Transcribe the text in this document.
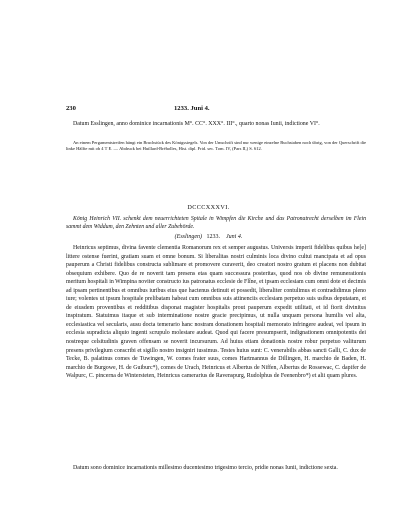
230	1233. Juni 4.
Datum Esslingen, anno dominice incarnationis M°. CC°. XXX°. III°., quarto nonas Iunii, indictione VI°.
An einem Pergamentstreifen hängt ein Bruchstück des Königssiegels. Von der Umschrift sind nur wenige einzelne Buchstaben noch übrig, von der Querschrift die linke Hälfte mit ob 4 Т Е. — Abdruck bei Huillard-Bréholles, Hist. dipl. Frid. sec. Tom. IV, (Pars II,) S. 612.
DCCCXXXVI.
König Heinrich VII. schenkt dem neuerrichteten Spitale in Wimpfen die Kirche und das Patronatrecht derselben im Flein sammt dem Widdum, den Zehnten und aller Zubehörde.
(Esslingen) 1233. Juni 4.
Heinricus septimus, divina favente clementia Romanorum rex et semper augustus. Universis imperii fidelibus quibus he[e] littere ostense fuerint, gratiam suam et omne bonum. Si liberalitas nostri culminis loca divino cultui mancipata et ad opus pauperum a Christi fidelibus constructa sublimare et promovere curaverit, deo creatori nostro gratum et placens non dubitat obsequium exhibere. Quo de re noverit tam presens etas quam successura posteritas, quod nos ob divine remunerationis meritum hospitali in Wimpina noviter constructo ius patronatus ecclesie de Flîne, et ipsam ecclesiam cum omni dote et decimis ad ipsam pertinentibus et omnibus iuribus eius que hactenus detinuit et possedit, liberaliter contulimus et contradidimus pleno iure; volentes ut ipsum hospitale prelibatam habeat cum omnibus suis attinenciis ecclesiam perpetuo suis usibus deputatam, et de eiusdem proventibus et redditibus disponat magister hospitalis prout pauperum expedit utilitati, et id fiorit divinitus inspiratum. Statuimus itaque et sub interminatione nostre gracie precipimus, ut nulla unquam persona humilis vel alta, ecclesiastica vel secularis, ausu docta temerario hanc nostram donationem hospitali memorato infringere audeat, vel ipsum in ecclesia supradicta aliquio ingenti scrupulo molestare audeat. Quod qui facere presumpserit, indignationem omnipotentis dei nostreque celsitudinis graven offensam se noverit incursurum. Ad huius etiam donationis nostre robur perpetuo valiturum presens privilegium conscribi et sigillo nostro insigniri iussimus. Testes huius sunt: C. venerabilis abbas sancti Galli, C. dux de Tecke, B. palatinus comes de Tuwingen, W. comes frater suus, comes Hartmannus de Dillingen, H. marchio de Baden, H. marchio de Burgowe, H. de Guiburc*), comes de Urach, Heinricus et Albertus de Niffen, Albertus de Rossewac, C. dapifer de Walpurc, C. pincerna de Wintersteten, Heinricus camerarius de Ravenspurg, Rudolphus de Feenenbro*) et alii quam plures.
Datum sono dominice incarnationis millesimo ducentesimo trigesimo tercio, pridie nonas Iunii, indictione sexta.
